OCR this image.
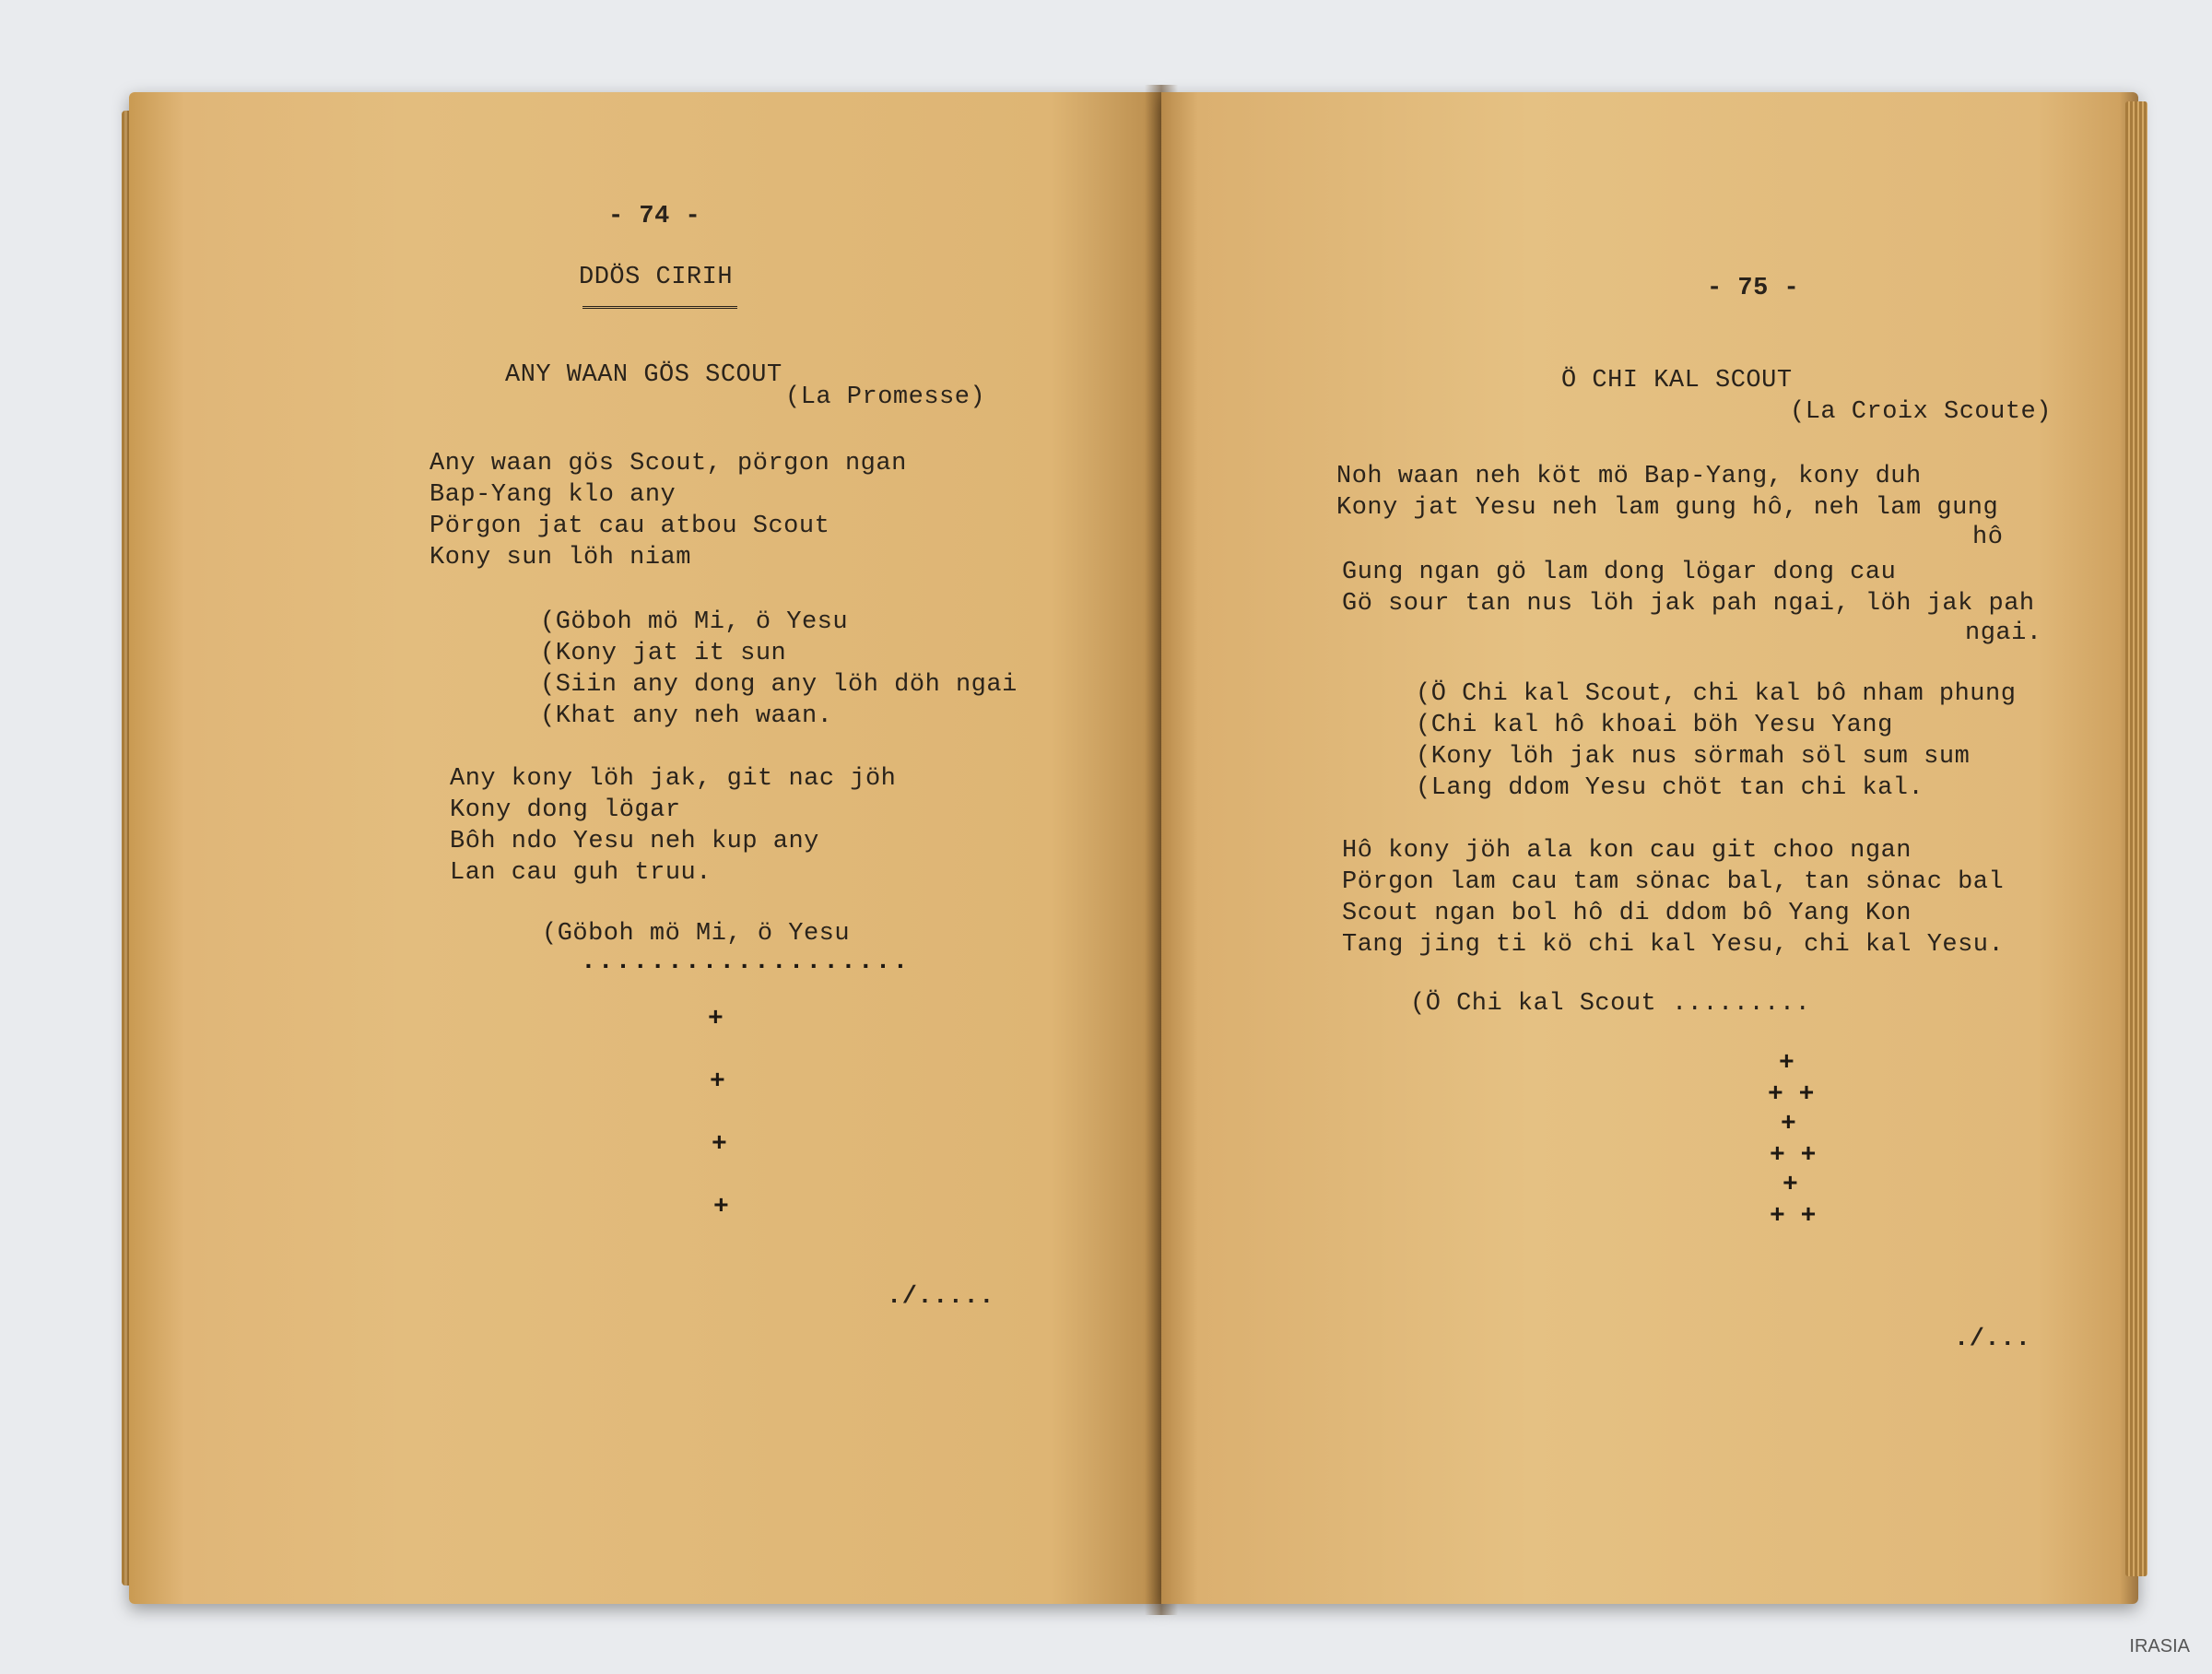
- 74 -
DDÖS CIRIH
ANY WAAN GÖS SCOUT
(La Promesse)
Any waan gös Scout, pörgon ngan
Bap-Yang klo any
Pörgon jat cau atbou Scout
Kony sun löh niam
(Göboh mö Mi, ö Yesu
(Kony jat it sun
(Siin any dong any löh döh ngai
(Khat any neh waan.
Any kony löh jak, git nac jöh
Kony dong lögar
Bôh ndo Yesu neh kup any
Lan cau guh truu.
(Göboh mö Mi, ö Yesu
...................
+
+
+
+
./.....
- 75 -
Ö CHI KAL SCOUT
(La Croix Scoute)
Noh waan neh köt mö Bap-Yang, kony duh
Kony jat Yesu neh lam gung hô, neh lam gung
hô
Gung ngan gö lam dong lögar dong cau
Gö sour tan nus löh jak pah ngai, löh jak pah
ngai.
(Ö Chi kal Scout, chi kal bô nham phung
(Chi kal hô khoai böh Yesu Yang
(Kony löh jak nus sörmah söl sum sum
(Lang ddom Yesu chöt tan chi kal.
Hô kony jöh ala kon cau git choo ngan
Pörgon lam cau tam sönac bal, tan sönac bal
Scout ngan bol hô di ddom bô Yang Kon
Tang jing ti kö chi kal Yesu, chi kal Yesu.
(Ö Chi kal Scout .........
+
+ +
+
+ +
+
+ +
./...
IRASIA
